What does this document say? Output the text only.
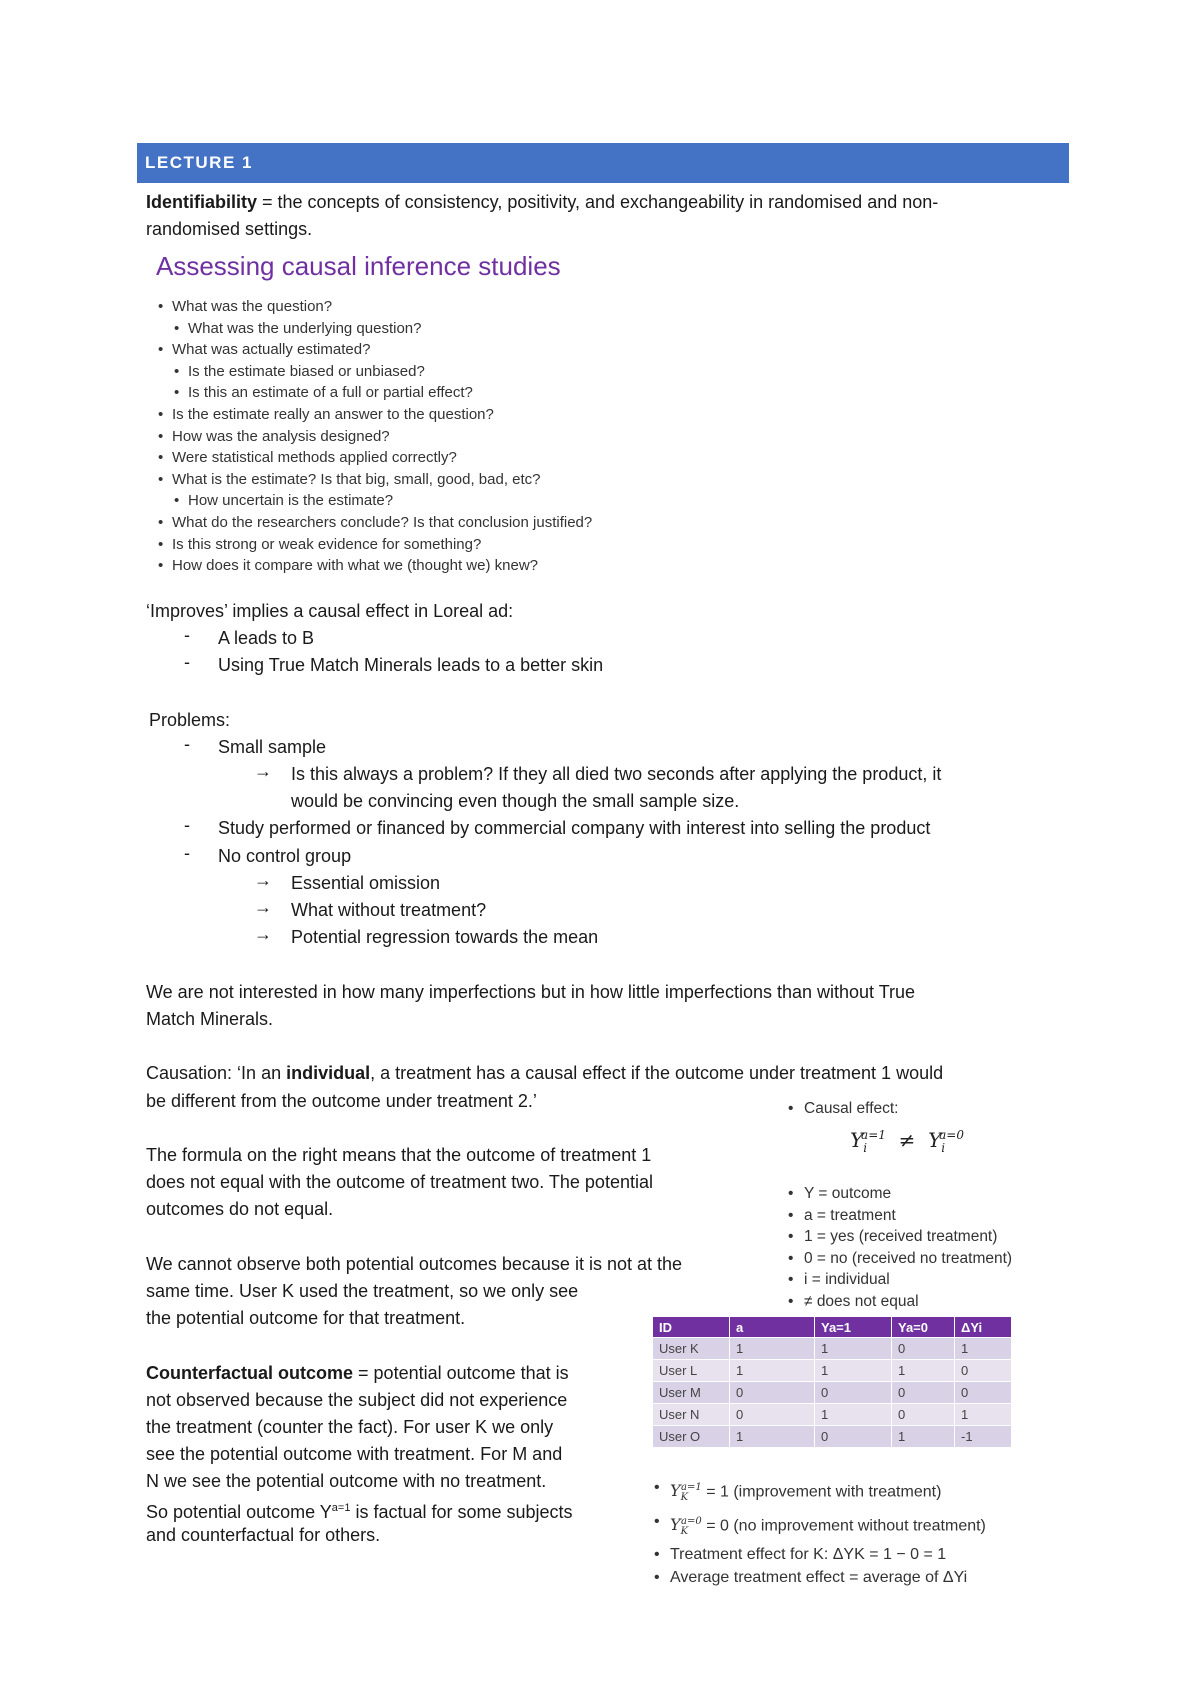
LECTURE 1
Identifiability = the concepts of consistency, positivity, and exchangeability in randomised and non-
randomised settings.
Assessing causal inference studies
• What was the question?
• What was the underlying question?
• What was actually estimated?
• Is the estimate biased or unbiased?
• Is this an estimate of a full or partial effect?
• Is the estimate really an answer to the question?
• How was the analysis designed?
• Were statistical methods applied correctly?
• What is the estimate? Is that big, small, good, bad, etc?
• How uncertain is the estimate?
• What do the researchers conclude? Is that conclusion justified?
• Is this strong or weak evidence for something?
• How does it compare with what we (thought we) knew?
‘Improves’ implies a causal effect in Loreal ad:
- A leads to B
- Using True Match Minerals leads to a better skin
Problems:
- Small sample
→ Is this always a problem? If they all died two seconds after applying the product, it
would be convincing even though the small sample size.
- Study performed or financed by commercial company with interest into selling the product
- No control group
→ Essential omission
→ What without treatment?
→ Potential regression towards the mean
We are not interested in how many imperfections but in how little imperfections than without True
Match Minerals.
Causation: ‘In an individual, a treatment has a causal effect if the outcome under treatment 1 would
be different from the outcome under treatment 2.’
The formula on the right means that the outcome of treatment 1
does not equal with the outcome of treatment two. The potential
outcomes do not equal.
We cannot observe both potential outcomes because it is not at the
same time. User K used the treatment, so we only see
the potential outcome for that treatment.
Counterfactual outcome = potential outcome that is
not observed because the subject did not experience
the treatment (counter the fact). For user K we only
see the potential outcome with treatment. For M and
N we see the potential outcome with no treatment.
So potential outcome $Y^{a=1}$ is factual for some subjects
and counterfactual for others.
• Causal effect:
$Y_i^{a=1} \ne Y_i^{a=0}$
• Y = outcome
• a = treatment
• 1 = yes (received treatment)
• 0 = no (received no treatment)
• i = individual
• ≠ does not equal
ID	a	Ya=1	Ya=0	ΔYi
User K	1	1	0	1
User L	1	1	1	0
User M	0	0	0	0
User N	0	1	0	1
User O	1	0	1	-1
• $Y_K^{a=1} = 1$ (improvement with treatment)
• $Y_K^{a=0} = 0$ (no improvement without treatment)
• Treatment effect for K: ΔYK = 1 − 0 = 1
• Average treatment effect = average of ΔYi
